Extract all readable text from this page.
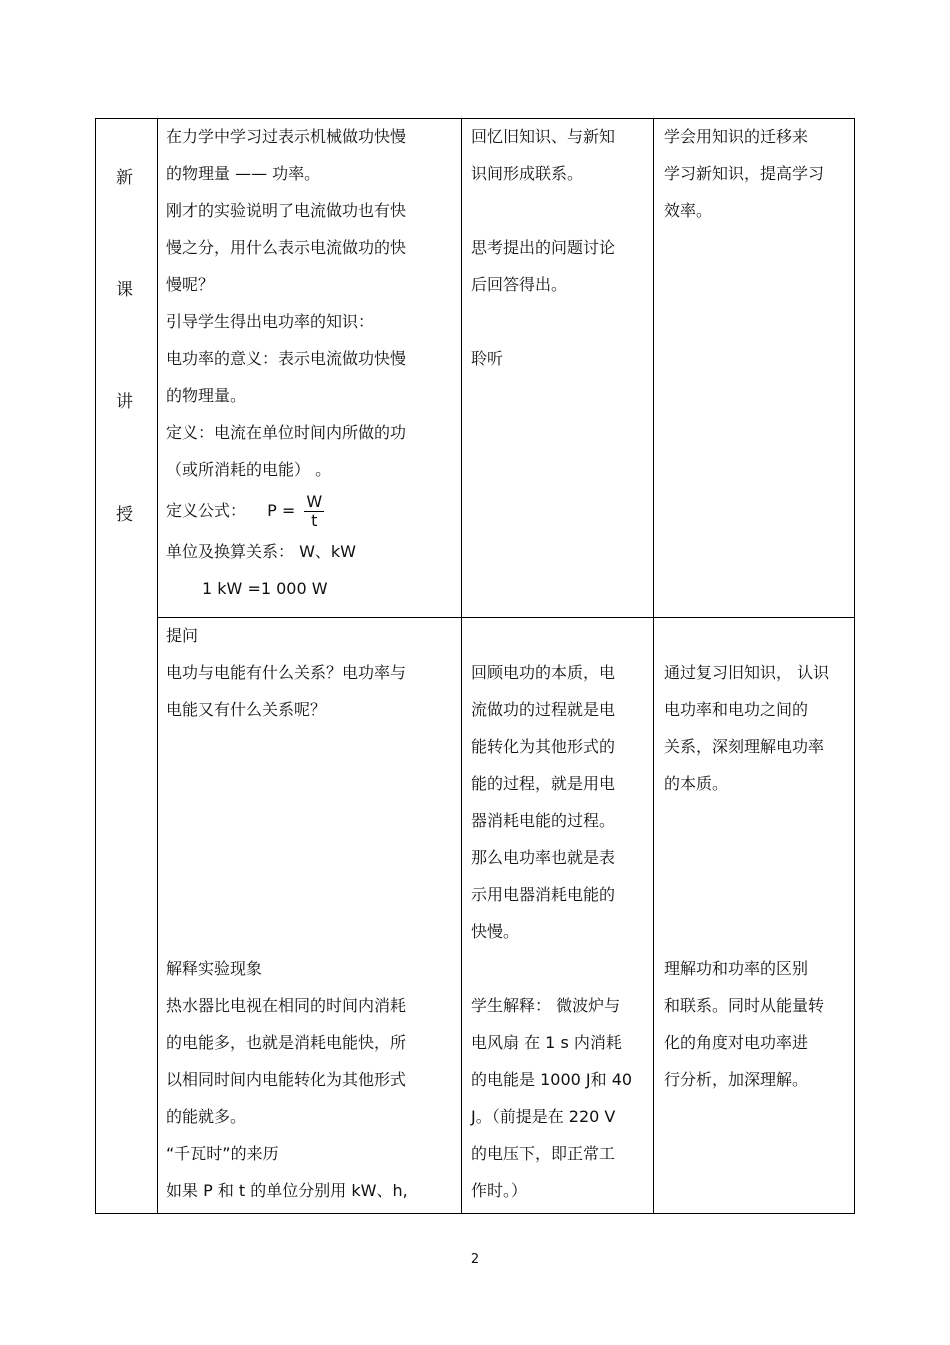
新
课
讲
授

在力学中学习过表示机械做功快慢

的物理量 —— 功率。

刚才的实验说明了电流做功也有快

慢之分，用什么表示电流做功的快

慢呢？

引导学生得出电功率的知识：

电功率的意义：表示电流做功快慢

的物理量。

定义：电流在单位时间内所做的功

（或所消耗的电能） 。

定义公式： $P = \frac{W}{t}$

单位及换算关系： W、kW

1 kW =1 000 W

回忆旧知识、与新知

识间形成联系。

思考提出的问题讨论

后回答得出。

聆听

学会用知识的迁移来

学习新知识，提高学习

效率。

提问

电功与电能有什么关系？电功率与

电能又有什么关系呢？

解释实验现象

热水器比电视在相同的时间内消耗

的电能多，也就是消耗电能快，所

以相同时间内电能转化为其他形式

的能就多。

“千瓦时”的来历

如果 P 和 t 的单位分别用 kW、h,

回顾电功的本质，电

流做功的过程就是电

能转化为其他形式的

能的过程，就是用电

器消耗电能的过程。

那么电功率也就是表

示用电器消耗电能的

快慢。

学生解释： 微波炉与

电风扇 在 1 s 内消耗

的电能是 1000 J和 40

J。（前提是在 220 V

的电压下，即正常工

作时。）

通过复习旧知识， 认识

电功率和电功之间的

关系，深刻理解电功率

的本质。

理解功和功率的区别

和联系。同时从能量转

化的角度对电功率进

行分析，加深理解。

2
